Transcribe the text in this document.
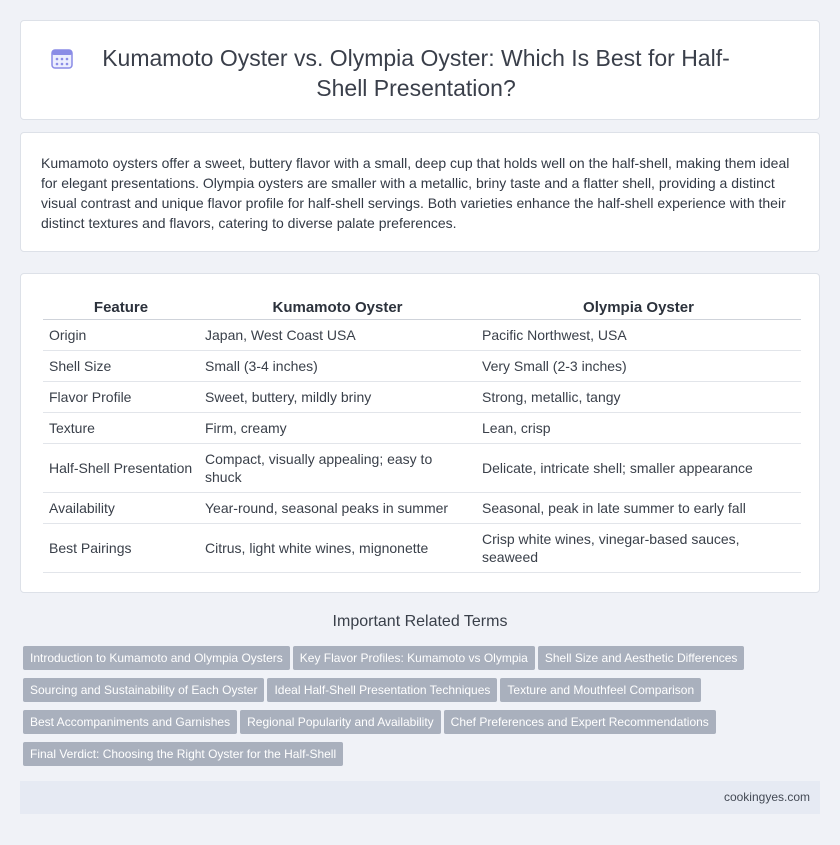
Kumamoto Oyster vs. Olympia Oyster: Which Is Best for Half-Shell Presentation?

Kumamoto oysters offer a sweet, buttery flavor with a small, deep cup that holds well on the half-shell, making them ideal for elegant presentations. Olympia oysters are smaller with a metallic, briny taste and a flatter shell, providing a distinct visual contrast and unique flavor profile for half-shell servings. Both varieties enhance the half-shell experience with their distinct textures and flavors, catering to diverse palate preferences.

Feature	Kumamoto Oyster	Olympia Oyster
Origin	Japan, West Coast USA	Pacific Northwest, USA
Shell Size	Small (3-4 inches)	Very Small (2-3 inches)
Flavor Profile	Sweet, buttery, mildly briny	Strong, metallic, tangy
Texture	Firm, creamy	Lean, crisp
Half-Shell Presentation	Compact, visually appealing; easy to shuck	Delicate, intricate shell; smaller appearance
Availability	Year-round, seasonal peaks in summer	Seasonal, peak in late summer to early fall
Best Pairings	Citrus, light white wines, mignonette	Crisp white wines, vinegar-based sauces, seaweed
Important Related Terms
Introduction to Kumamoto and Olympia Oysters Key Flavor Profiles: Kumamoto vs Olympia Shell Size and Aesthetic Differences
Sourcing and Sustainability of Each Oyster Ideal Half-Shell Presentation Techniques Texture and Mouthfeel Comparison
Best Accompaniments and Garnishes Regional Popularity and Availability Chef Preferences and Expert Recommendations
Final Verdict: Choosing the Right Oyster for the Half-Shell
cookingyes.com
